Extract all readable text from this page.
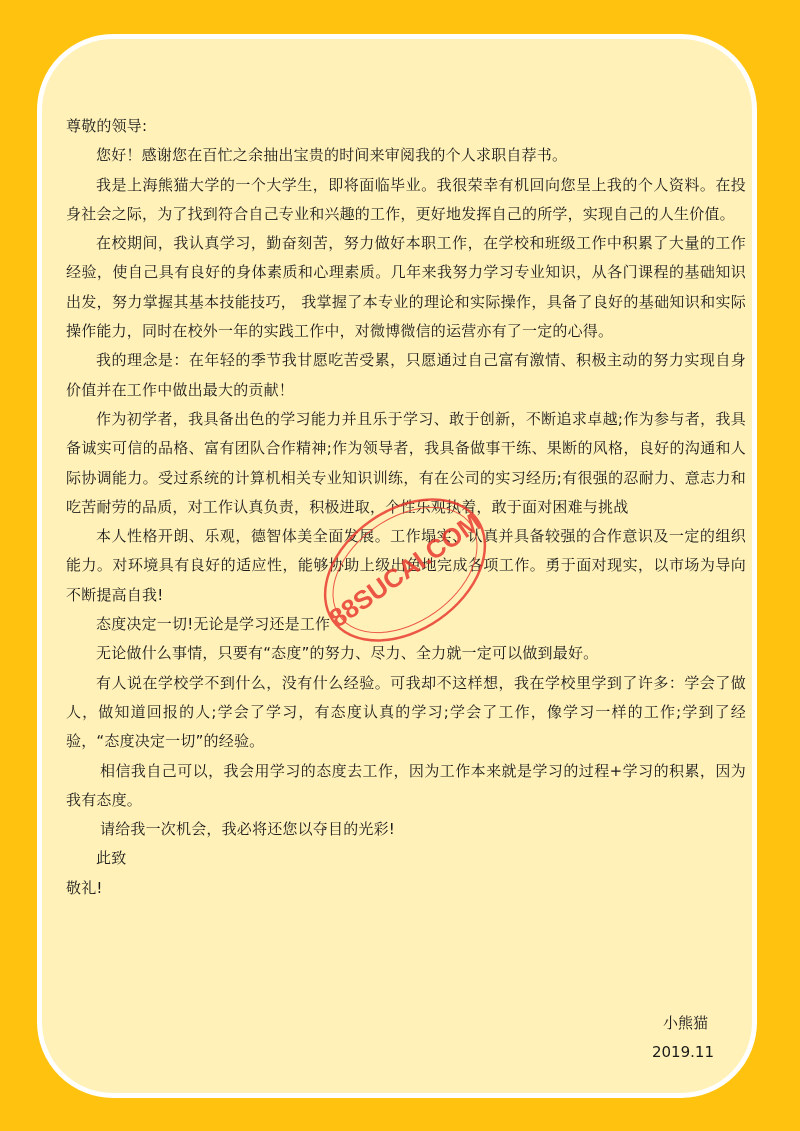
尊敬的领导:

您好！感谢您在百忙之余抽出宝贵的时间来审阅我的个人求职自荐书。

我是上海熊猫大学的一个大学生，即将面临毕业。我很荣幸有机回向您呈上我的个人资料。在投身社会之际，为了找到符合自己专业和兴趣的工作，更好地发挥自己的所学，实现自己的人生价值。

在校期间，我认真学习，勤奋刻苦，努力做好本职工作，在学校和班级工作中积累了大量的工作经验，使自己具有良好的身体素质和心理素质。几年来我努力学习专业知识，从各门课程的基础知识出发，努力掌握其基本技能技巧， 我掌握了本专业的理论和实际操作，具备了良好的基础知识和实际操作能力，同时在校外一年的实践工作中，对微博微信的运营亦有了一定的心得。

我的理念是：在年轻的季节我甘愿吃苦受累，只愿通过自己富有激情、积极主动的努力实现自身价值并在工作中做出最大的贡献！

作为初学者，我具备出色的学习能力并且乐于学习、敢于创新，不断追求卓越;作为参与者，我具备诚实可信的品格、富有团队合作精神;作为领导者，我具备做事干练、果断的风格，良好的沟通和人际协调能力。受过系统的计算机相关专业知识训练，有在公司的实习经历;有很强的忍耐力、意志力和吃苦耐劳的品质，对工作认真负责，积极进取，个性乐观执着，敢于面对困难与挑战

本人性格开朗、乐观，德智体美全面发展。工作塌实、认真并具备较强的合作意识及一定的组织能力。对环境具有良好的适应性，能够协助上级出色地完成各项工作。勇于面对现实，以市场为导向不断提高自我!

态度决定一切!无论是学习还是工作

无论做什么事情，只要有“态度”的努力、尽力、全力就一定可以做到最好。

有人说在学校学不到什么，没有什么经验。可我却不这样想，我在学校里学到了许多：学会了做人，做知道回报的人;学会了学习，有态度认真的学习;学会了工作，像学习一样的工作;学到了经验，“态度决定一切”的经验。

相信我自己可以，我会用学习的态度去工作，因为工作本来就是学习的过程+学习的积累，因为我有态度。

请给我一次机会，我必将还您以夺目的光彩!

此致

敬礼!

小熊猫
2019.11
88SUCAI.COM
